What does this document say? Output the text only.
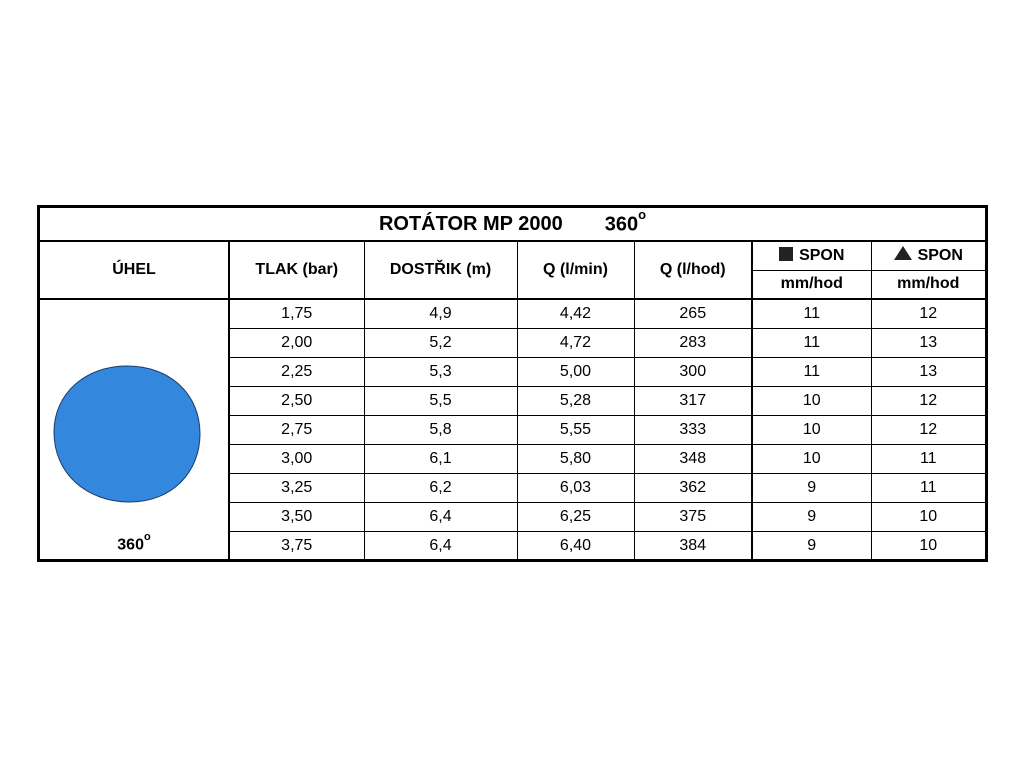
ROTÁTOR MP 2000 360$^o$
ÚHEL	TLAK (bar)	DOSTŘIK (m)	Q (l/min)	Q (l/hod)	SPON	SPON
					mm/hod	mm/hod

360$^o$	1,75	4,9	4,42	265	11	12
	2,00	5,2	4,72	283	11	13
	2,25	5,3	5,00	300	11	13
	2,50	5,5	5,28	317	10	12
	2,75	5,8	5,55	333	10	12
	3,00	6,1	5,80	348	10	11
	3,25	6,2	6,03	362	9	11
	3,50	6,4	6,25	375	9	10
	3,75	6,4	6,40	384	9	10
